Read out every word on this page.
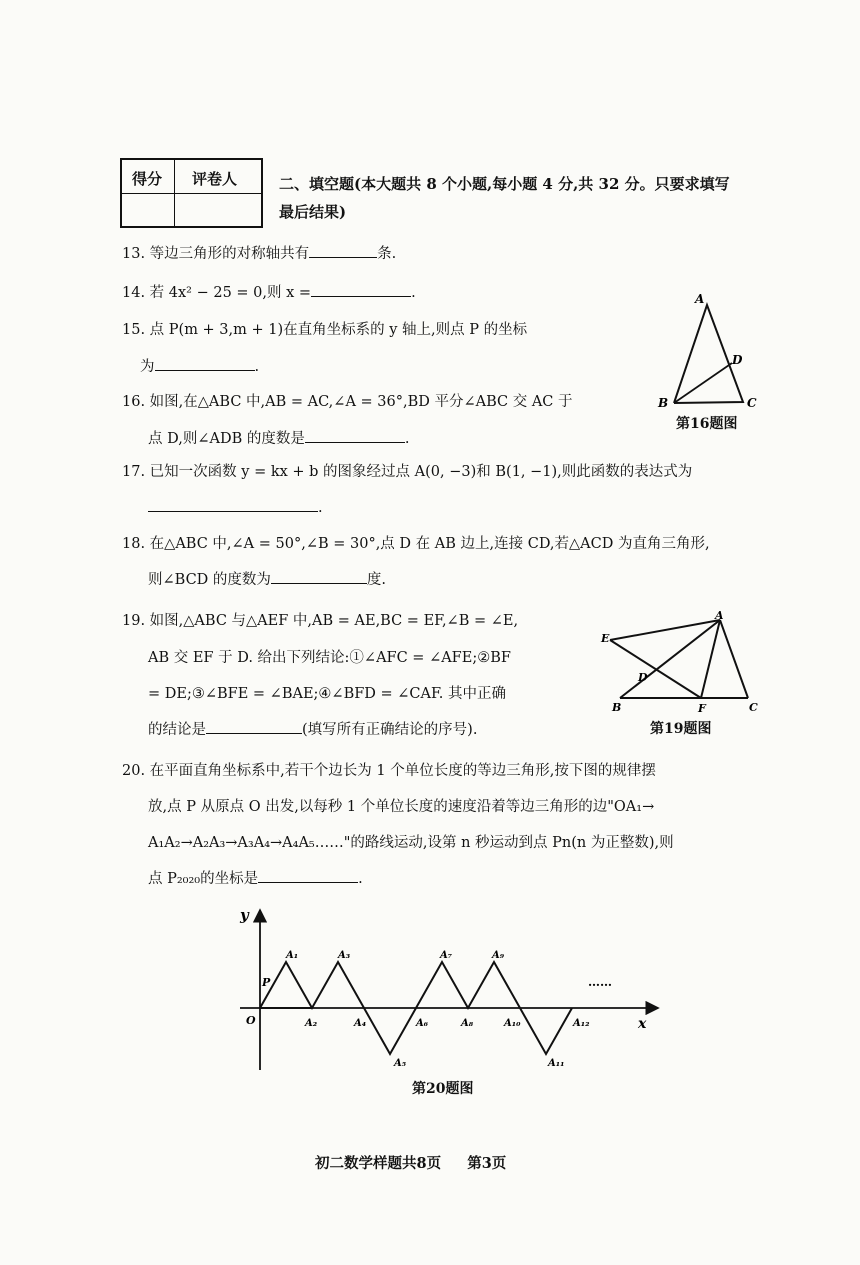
得分 评卷人	二、填空题(本大题共 8 个小题,每小题 4 分,共 32 分。只要求填写
最后结果)
13. 等边三角形的对称轴共有	条.
14. 若 4x² − 25 = 0,则 x =	.
15. 点 P(m + 3,m + 1)在直角坐标系的 y 轴上,则点 P 的坐标
为	.
16. 如图,在△ABC 中,AB = AC,∠A = 36°,BD 平分∠ABC 交 AC 于
点 D,则∠ADB 的度数是	.
A
B	C
D
第16题图
17. 已知一次函数 y = kx + b 的图象经过点 A(0, −3)和 B(1, −1),则此函数的表达式为
.
18. 在△ABC 中,∠A = 50°,∠B = 30°,点 D 在 AB 边上,连接 CD,若△ACD 为直角三角形,
则∠BCD 的度数为	度.
19. 如图,△ABC 与△AEF 中,AB = AE,BC = EF,∠B = ∠E,
AB 交 EF 于 D. 给出下列结论:①∠AFC = ∠AFE;②BF
= DE;③∠BFE = ∠BAE;④∠BFD = ∠CAF. 其中正确
的结论是	(填写所有正确结论的序号).
A
E
D
B	F	C
第19题图
20. 在平面直角坐标系中,若干个边长为 1 个单位长度的等边三角形,按下图的规律摆
放,点 P 从原点 O 出发,以每秒 1 个单位长度的速度沿着等边三角形的边"OA₁→
A₁A₂→A₂A₃→A₃A₄→A₄A₅……"的路线运动,设第 n 秒运动到点 Pn(n 为正整数),则
点 P₂₀₂₀的坐标是	.
y
x
O
P	……
A₁
A₂
A₃
A₄
A₅
A₆
A₇
A₈
A₉
A₁₀
A₁₁
A₁₂
第20题图
初二数学样题共8页 第3页
